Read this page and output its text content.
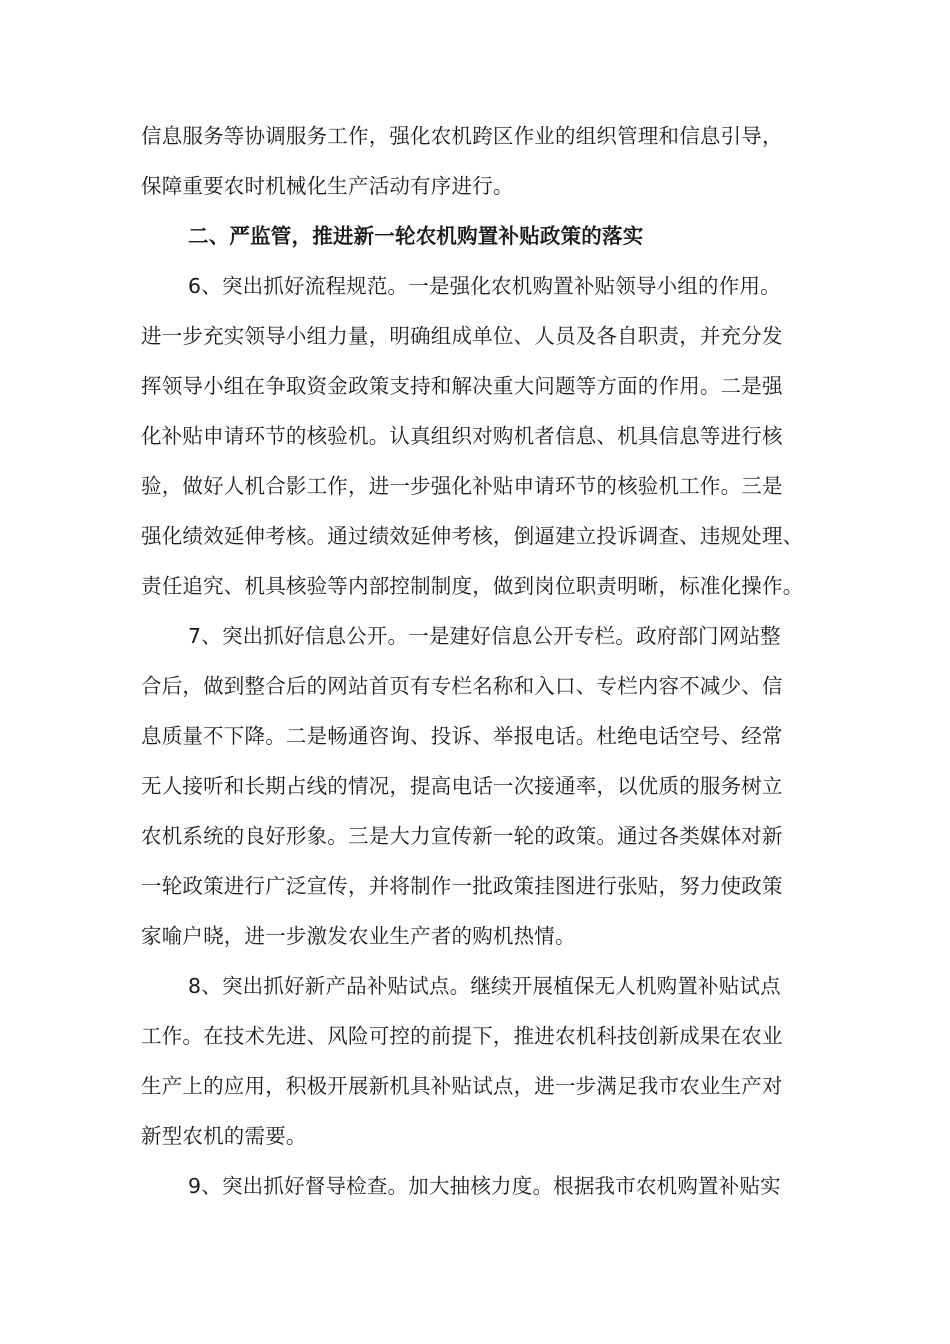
信息服务等协调服务工作，强化农机跨区作业的组织管理和信息引导，
保障重要农时机械化生产活动有序进行。
二、严监管，推进新一轮农机购置补贴政策的落实
6、突出抓好流程规范。一是强化农机购置补贴领导小组的作用。
进一步充实领导小组力量，明确组成单位、人员及各自职责，并充分发
挥领导小组在争取资金政策支持和解决重大问题等方面的作用。二是强
化补贴申请环节的核验机。认真组织对购机者信息、机具信息等进行核
验，做好人机合影工作，进一步强化补贴申请环节的核验机工作。三是
强化绩效延伸考核。通过绩效延伸考核，倒逼建立投诉调查、违规处理、
责任追究、机具核验等内部控制制度，做到岗位职责明晰，标准化操作。
7、突出抓好信息公开。一是建好信息公开专栏。政府部门网站整
合后，做到整合后的网站首页有专栏名称和入口、专栏内容不减少、信
息质量不下降。二是畅通咨询、投诉、举报电话。杜绝电话空号、经常
无人接听和长期占线的情况，提高电话一次接通率，以优质的服务树立
农机系统的良好形象。三是大力宣传新一轮的政策。通过各类媒体对新
一轮政策进行广泛宣传，并将制作一批政策挂图进行张贴，努力使政策
家喻户晓，进一步激发农业生产者的购机热情。
8、突出抓好新产品补贴试点。继续开展植保无人机购置补贴试点
工作。在技术先进、风险可控的前提下，推进农机科技创新成果在农业
生产上的应用，积极开展新机具补贴试点，进一步满足我市农业生产对
新型农机的需要。
9、突出抓好督导检查。加大抽核力度。根据我市农机购置补贴实
